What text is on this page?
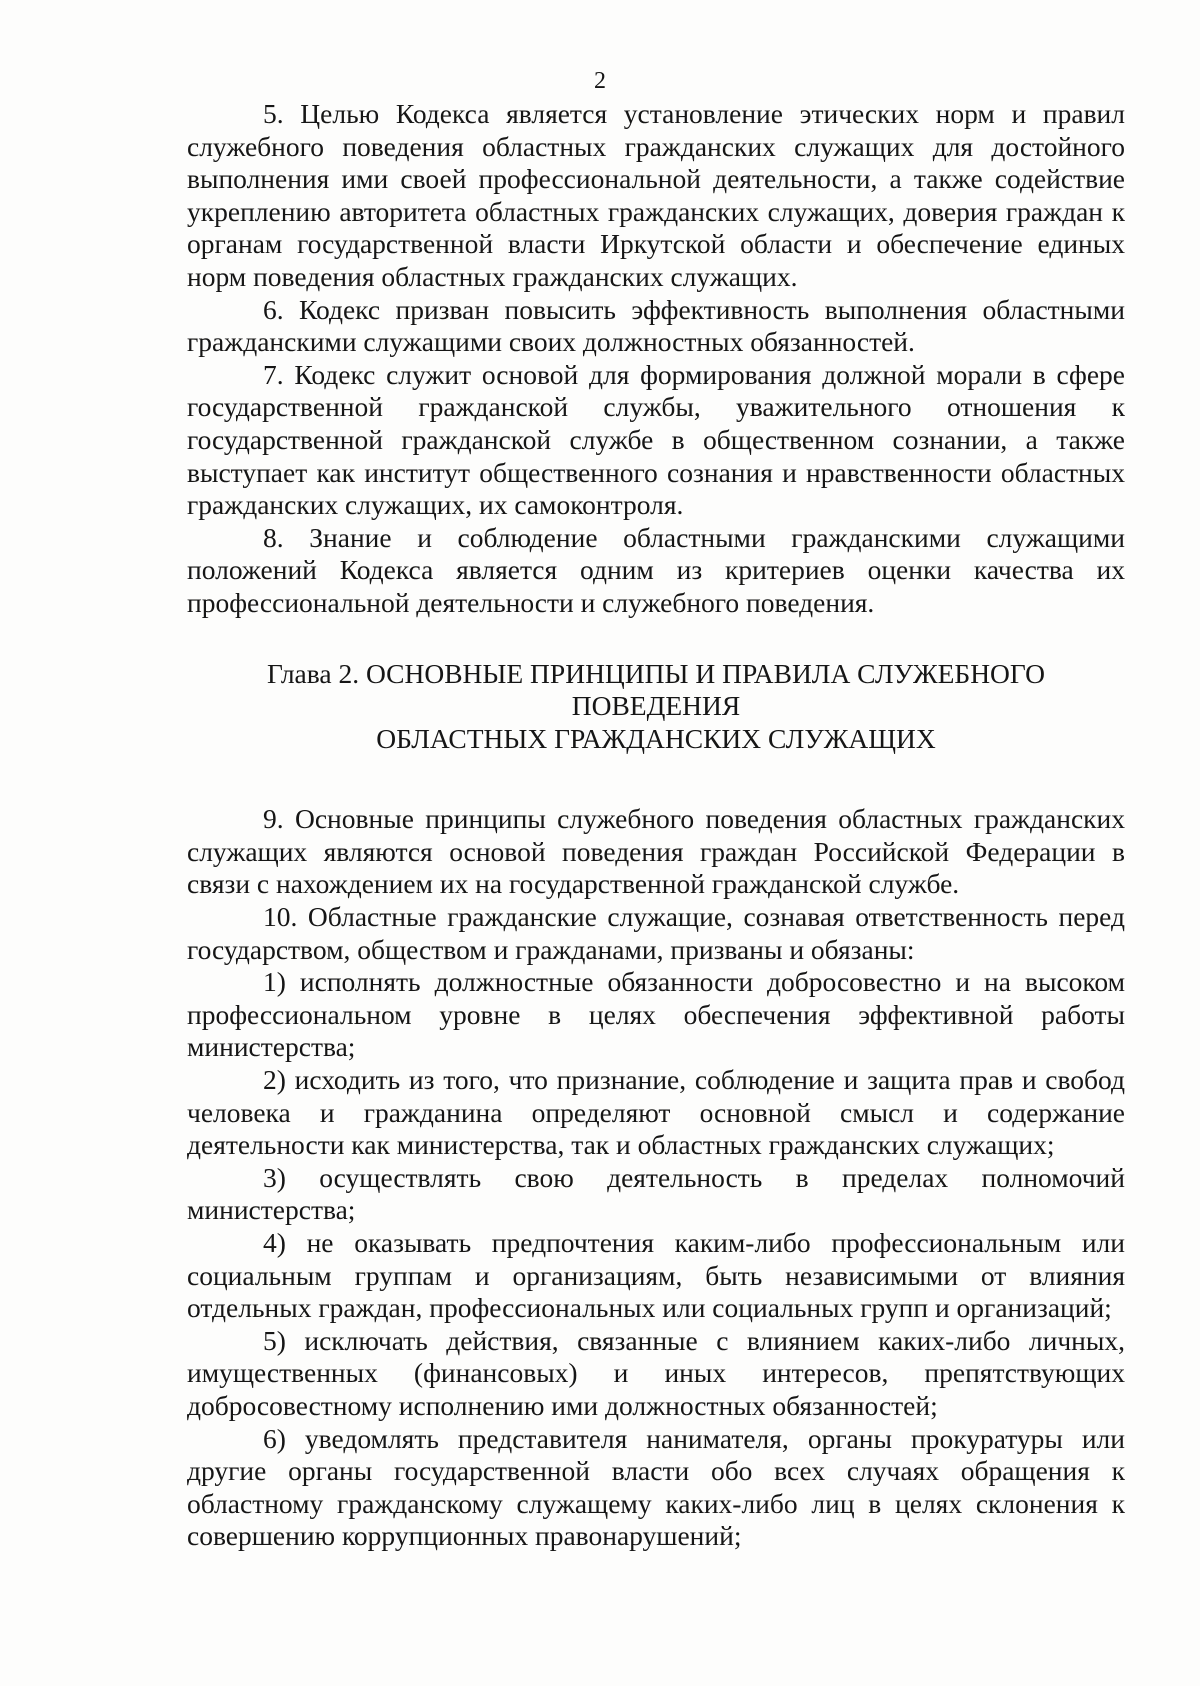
2

5. Целью Кодекса является установление этических норм и правил служебного поведения областных гражданских служащих для достойного выполнения ими своей профессиональной деятельности, а также содействие укреплению авторитета областных гражданских служащих, доверия граждан к органам государственной власти Иркутской области и обеспечение единых норм поведения областных гражданских служащих.

6. Кодекс призван повысить эффективность выполнения областными гражданскими служащими своих должностных обязанностей.

7. Кодекс служит основой для формирования должной морали в сфере государственной гражданской службы, уважительного отношения к государственной гражданской службе в общественном сознании, а также выступает как институт общественного сознания и нравственности областных гражданских служащих, их самоконтроля.

8. Знание и соблюдение областными гражданскими служащими положений Кодекса является одним из критериев оценки качества их профессиональной деятельности и служебного поведения.

Глава 2. ОСНОВНЫЕ ПРИНЦИПЫ И ПРАВИЛА СЛУЖЕБНОГО
ПОВЕДЕНИЯ
ОБЛАСТНЫХ ГРАЖДАНСКИХ СЛУЖАЩИХ

9. Основные принципы служебного поведения областных гражданских служащих являются основой поведения граждан Российской Федерации в связи с нахождением их на государственной гражданской службе.

10. Областные гражданские служащие, сознавая ответственность перед государством, обществом и гражданами, призваны и обязаны:

1) исполнять должностные обязанности добросовестно и на высоком профессиональном уровне в целях обеспечения эффективной работы министерства;

2) исходить из того, что признание, соблюдение и защита прав и свобод человека и гражданина определяют основной смысл и содержание деятельности как министерства, так и областных гражданских служащих;

3) осуществлять свою деятельность в пределах полномочий министерства;

4) не оказывать предпочтения каким-либо профессиональным или социальным группам и организациям, быть независимыми от влияния отдельных граждан, профессиональных или социальных групп и организаций;

5) исключать действия, связанные с влиянием каких-либо личных, имущественных (финансовых) и иных интересов, препятствующих добросовестному исполнению ими должностных обязанностей;

6) уведомлять представителя нанимателя, органы прокуратуры или другие органы государственной власти обо всех случаях обращения к областному гражданскому служащему каких-либо лиц в целях склонения к совершению коррупционных правонарушений;
